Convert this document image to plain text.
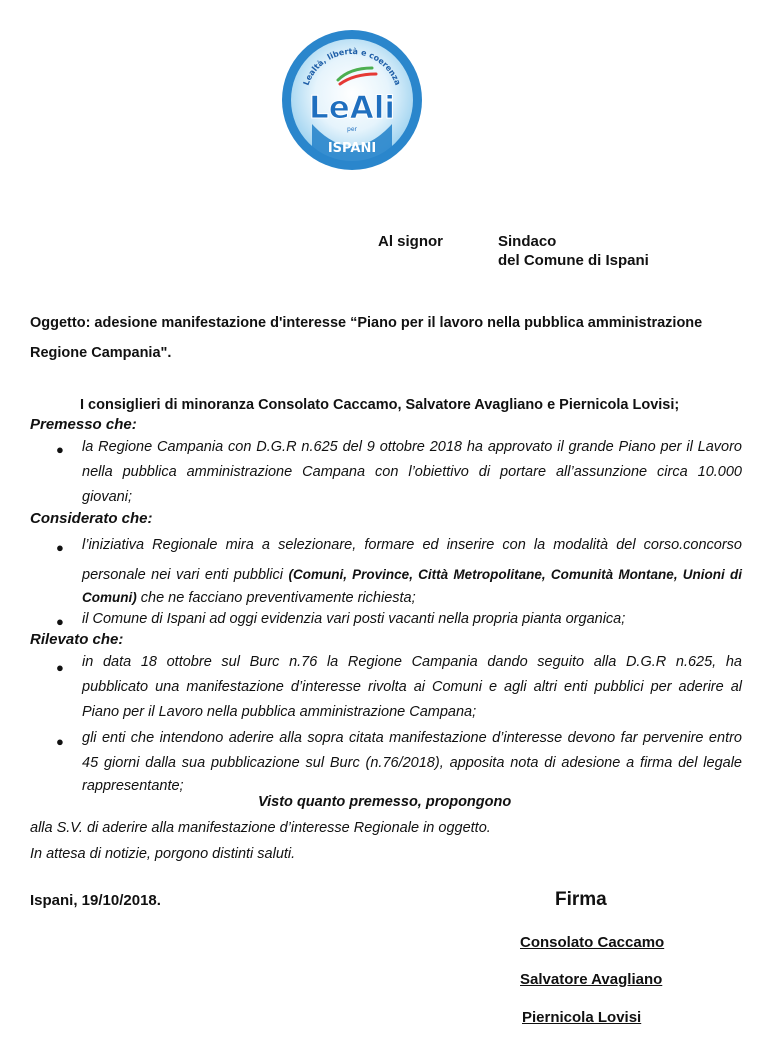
Lealtà, libertà e coerenza
LeAli
per
ISPANI
Al signor	Sindaco
del Comune di Ispani
Oggetto: adesione manifestazione d'interesse “Piano per il lavoro nella pubblica amministrazione
Regione Campania".
I consiglieri di minoranza Consolato Caccamo, Salvatore Avagliano e Piernicola Lovisi;
Premesso che:
● la Regione Campania con D.G.R n.625 del 9 ottobre 2018 ha approvato il grande Piano per il Lavoro
nella pubblica amministrazione Campana con l’obiettivo di portare all’assunzione circa 10.000
giovani;
Considerato che:
● l’iniziativa Regionale mira a selezionare, formare ed inserire con la modalità del corso.concorso
personale nei vari enti pubblici (Comuni, Province, Città Metropolitane, Comunità Montane, Unioni di
Comuni) che ne facciano preventivamente richiesta;
● il Comune di Ispani ad oggi evidenzia vari posti vacanti nella propria pianta organica;
Rilevato che:
● in data 18 ottobre sul Burc n.76 la Regione Campania dando seguito alla D.G.R n.625, ha
pubblicato una manifestazione d’interesse rivolta ai Comuni e agli altri enti pubblici per aderire al
Piano per il Lavoro nella pubblica amministrazione Campana;
● gli enti che intendono aderire alla sopra citata manifestazione d’interesse devono far pervenire entro
45 giorni dalla sua pubblicazione sul Burc (n.76/2018), apposita nota di adesione a firma del legale
rappresentante;
Visto quanto premesso, propongono
alla S.V. di aderire alla manifestazione d’interesse Regionale in oggetto.
In attesa di notizie, porgono distinti saluti.
Ispani, 19/10/2018.	Firma
Consolato Caccamo
Salvatore Avagliano
Piernicola Lovisi
